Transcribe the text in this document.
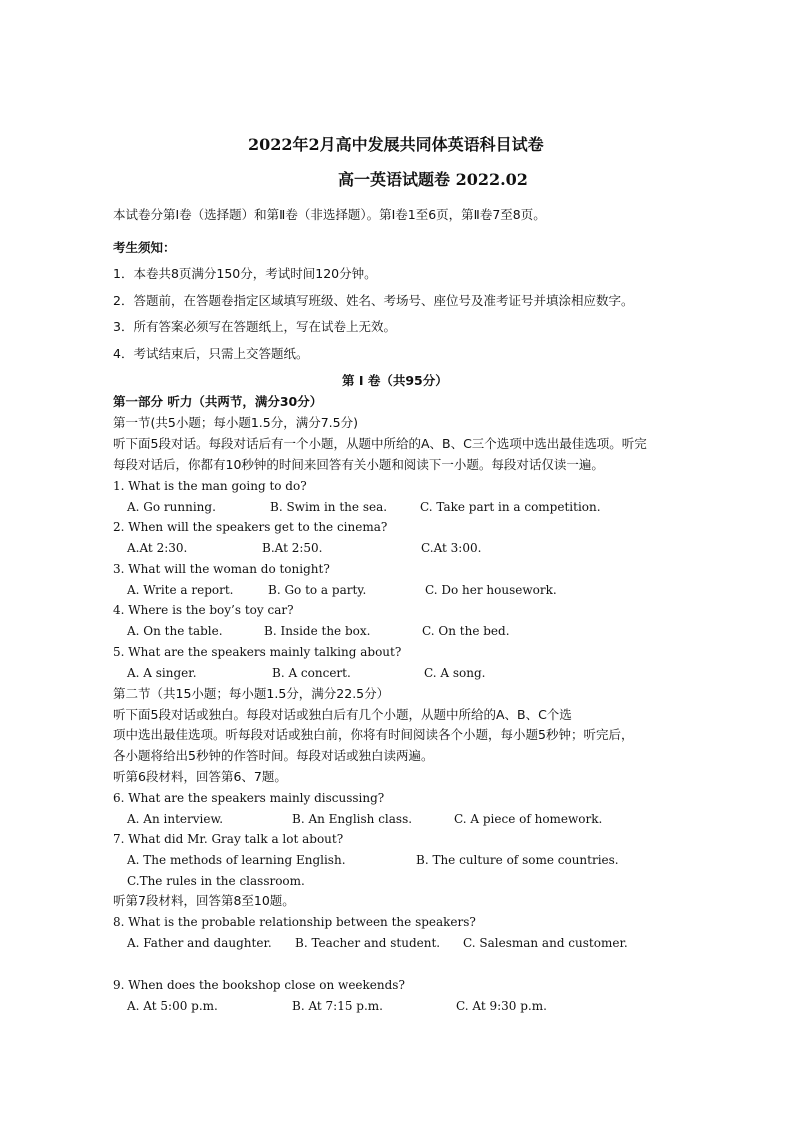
2022年2月高中发展共同体英语科目试卷
高一英语试题卷 2022.02
本试卷分第Ⅰ卷（选择题）和第Ⅱ卷（非选择题）。第Ⅰ卷1至6页，第Ⅱ卷7至8页。
考生须知：
1．本卷共8页满分150分，考试时间120分钟。
2．答题前，在答题卷指定区域填写班级、姓名、考场号、座位号及准考证号并填涂相应数字。
3．所有答案必须写在答题纸上，写在试卷上无效。
4．考试结束后，只需上交答题纸。
第 Ⅰ 卷（共95分）
第一部分 听力（共两节，满分30分）
第一节(共5小题；每小题1.5分，满分7.5分)
听下面5段对话。每段对话后有一个小题，从题中所给的A、B、C三个选项中选出最佳选项。听完
每段对话后，你都有10秒钟的时间来回答有关小题和阅读下一小题。每段对话仅读一遍。
1. What is the man going to do?
A. Go running.	B. Swim in the sea.	C. Take part in a competition.
2. When will the speakers get to the cinema?
A.At 2:30.	B.At 2:50.	C.At 3:00.
3. What will the woman do tonight?
A. Write a report.	B. Go to a party.	C. Do her housework.
4. Where is the boy’s toy car?
A. On the table.	B. Inside the box.	C. On the bed.
5. What are the speakers mainly talking about?
A. A singer.	B. A concert.	C. A song.
第二节（共15小题；每小题1.5分，满分22.5分）
听下面5段对话或独白。每段对话或独白后有几个小题，从题中所给的A、B、C个选
项中选出最佳选项。听每段对话或独白前，你将有时间阅读各个小题，每小题5秒钟；听完后，
各小题将给出5秒钟的作答时间。每段对话或独白读两遍。
听第6段材料，回答第6、7题。
6. What are the speakers mainly discussing?
A. An interview.	B. An English class.	C. A piece of homework.
7. What did Mr. Gray talk a lot about?
A. The methods of learning English.	B. The culture of some countries.
C.The rules in the classroom.
听第7段材料，回答第8至10题。
8. What is the probable relationship between the speakers?
A. Father and daughter. B. Teacher and student. C. Salesman and customer.
9. When does the bookshop close on weekends?
A. At 5:00 p.m.	B. At 7:15 p.m.	C. At 9:30 p.m.
